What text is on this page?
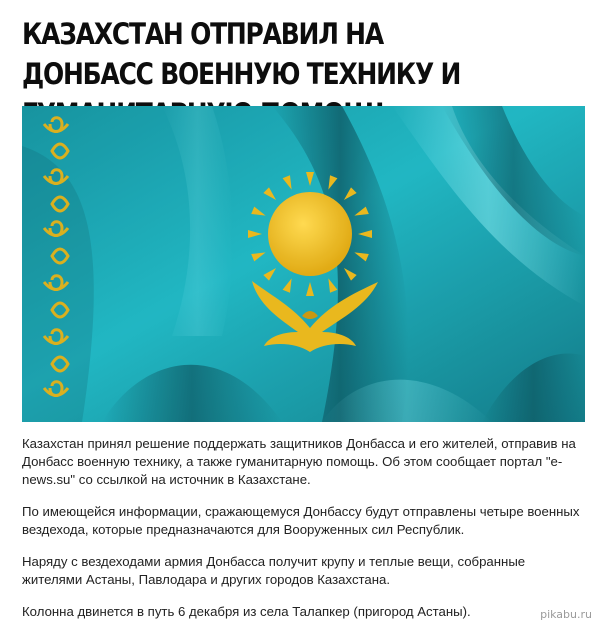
КАЗАХСТАН ОТПРАВИЛ НА ДОНБАСС ВОЕННУЮ ТЕХНИКУ И

Казахстан принял решение поддержать защитников Донбасса и его жителей, отправив на Донбасс военную технику, а также гуманитарную помощь. Об этом сообщает портал "e-news.su" со ссылкой на источник в Казахстане.

По имеющейся информации, сражающемуся Донбассу будут отправлены четыре военных вездехода, которые предназначаются для Вооруженных сил Республик.

Наряду с вездеходами армия Донбасса получит крупу и теплые вещи, собранные жителями Астаны, Павлодара и других городов Казахстана.

Колонна двинется в путь 6 декабря из села Талапкер (пригород Астаны).	pikabu.ru
